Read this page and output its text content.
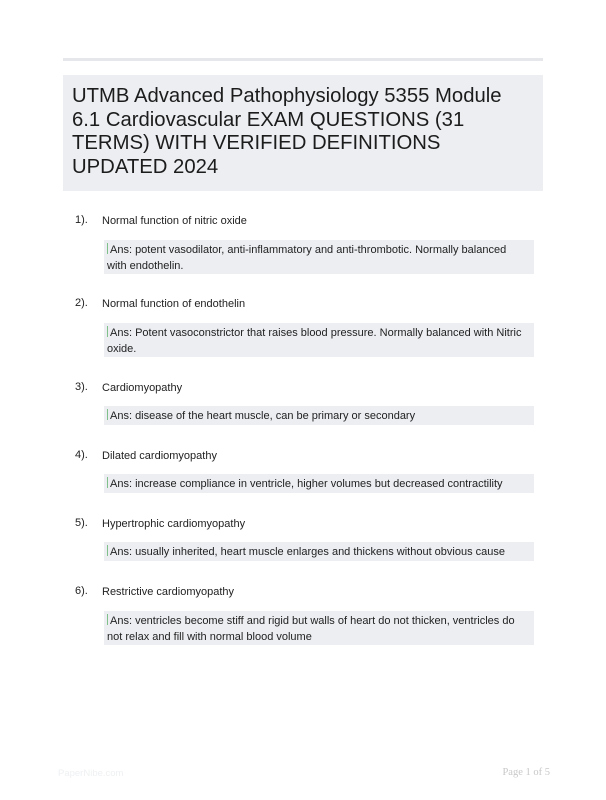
UTMB Advanced Pathophysiology 5355 Module 6.1 Cardiovascular EXAM QUESTIONS (31 TERMS) WITH VERIFIED DEFINITIONS UPDATED 2024
1). Normal function of nitric oxide
Ans: potent vasodilator, anti-inflammatory and anti-thrombotic. Normally balanced with endothelin.
2). Normal function of endothelin
Ans: Potent vasoconstrictor that raises blood pressure. Normally balanced with Nitric oxide.
3). Cardiomyopathy
Ans: disease of the heart muscle, can be primary or secondary
4). Dilated cardiomyopathy
Ans: increase compliance in ventricle, higher volumes but decreased contractility
5). Hypertrophic cardiomyopathy
Ans: usually inherited, heart muscle enlarges and thickens without obvious cause
6). Restrictive cardiomyopathy
Ans: ventricles become stiff and rigid but walls of heart do not thicken, ventricles do not relax and fill with normal blood volume
PaperNibe.com	Page 1 of 5
